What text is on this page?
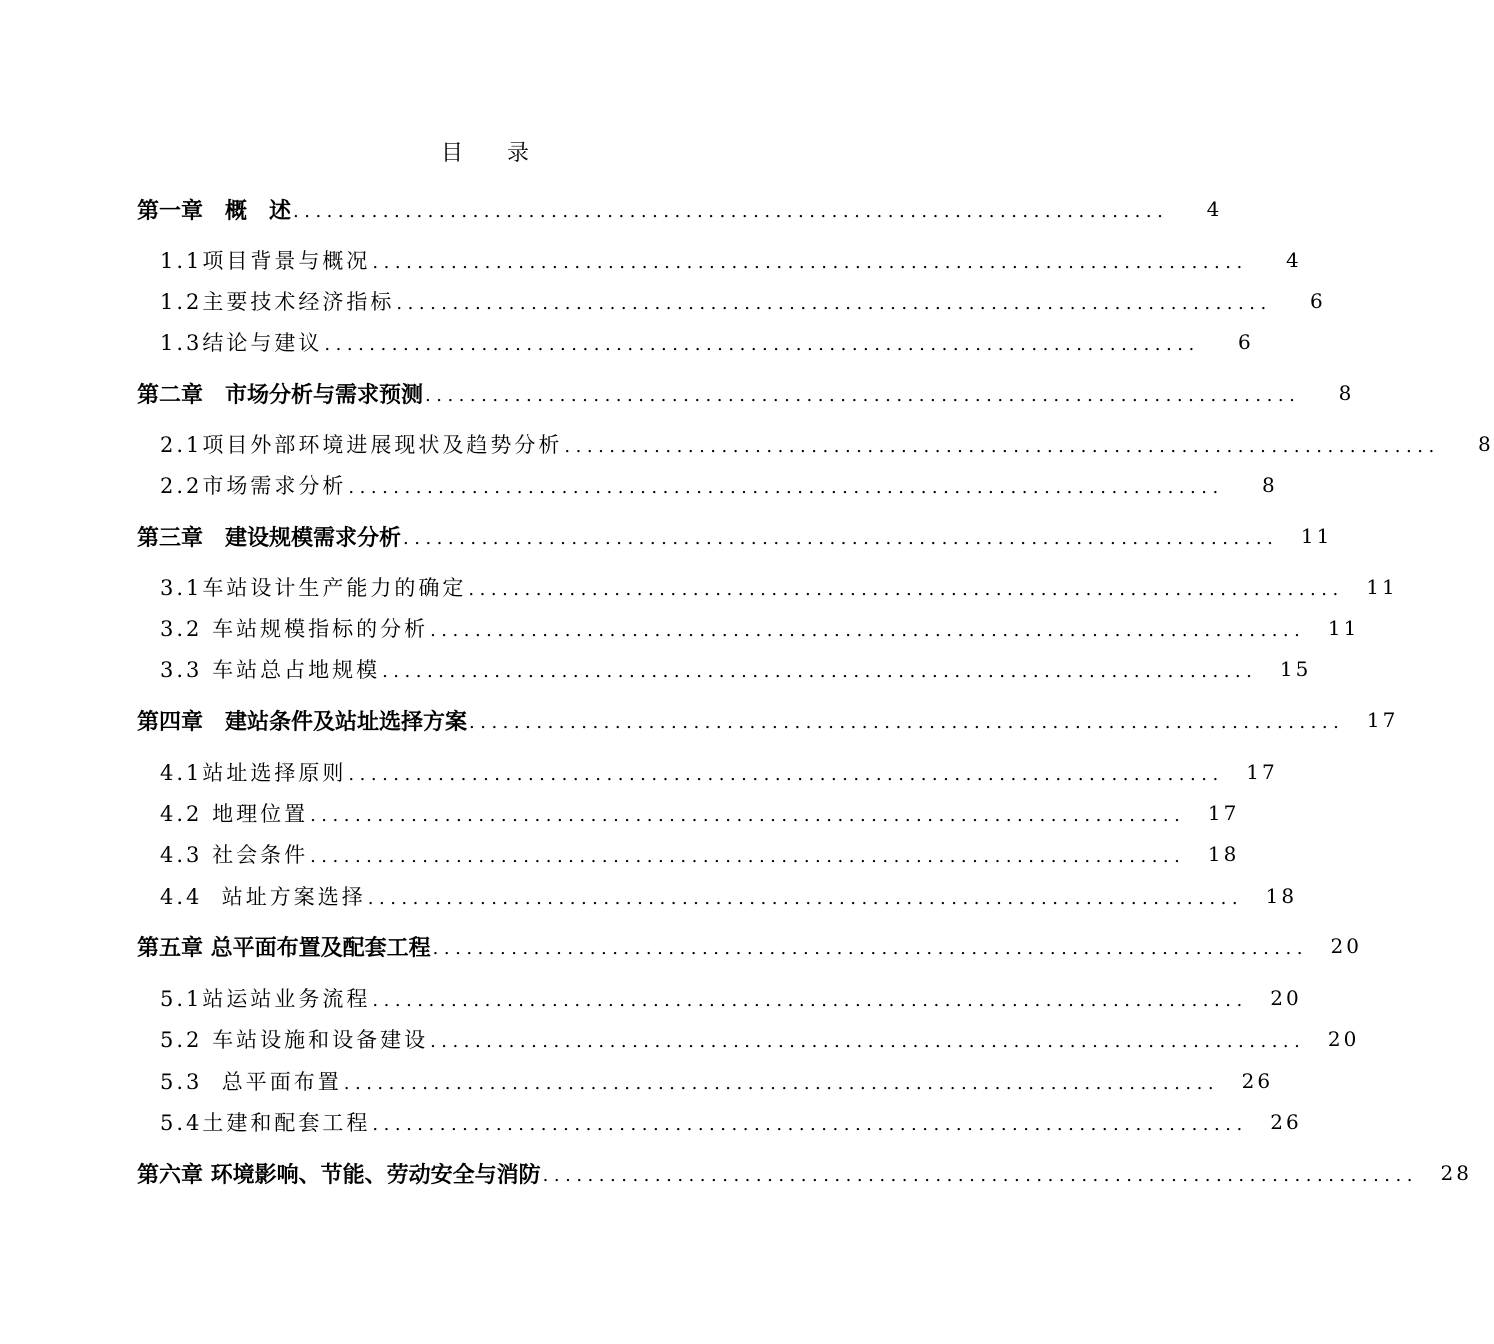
目　　录
第一章　概　述 ..............................................................................	4
1.1项目背景与概况 ..............................................................................	4
1.2主要技术经济指标 ..............................................................................	6
1.3结论与建议 ..............................................................................	6
第二章　市场分析与需求预测 ..............................................................................	8
2.1项目外部环境进展现状及趋势分析 ..............................................................................	8
2.2市场需求分析 ..............................................................................	8
第三章　建设规模需求分析 ..............................................................................	11
3.1车站设计生产能力的确定 ..............................................................................	11
3.2 车站规模指标的分析 ..............................................................................	11
3.3 车站总占地规模 ..............................................................................	15
第四章　建站条件及站址选择方案 ..............................................................................	17
4.1站址选择原则 ..............................................................................	17
4.2 地理位置 ..............................................................................	17
4.3 社会条件 ..............................................................................	18
4.4  站址方案选择 ..............................................................................	18
第五章 总平面布置及配套工程 ..............................................................................	20
5.1站运站业务流程 ..............................................................................	20
5.2 车站设施和设备建设 ..............................................................................	20
5.3  总平面布置 ..............................................................................	26
5.4土建和配套工程 ..............................................................................	26
第六章 环境影响、节能、劳动安全与消防 ..............................................................................	28
